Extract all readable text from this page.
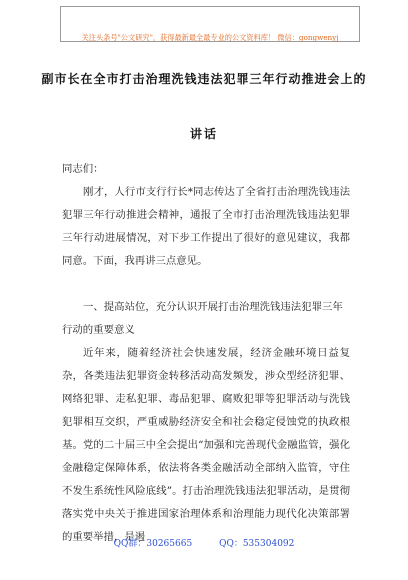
关注头条号"公文研究"，获得最新最全最专业的公文资料库！ 微信：gongwenyj
副市长在全市打击治理洗钱违法犯罪三年行动推进会上的
讲话
同志们：
刚才，人行市支行行长*同志传达了全省打击治理洗钱违法犯罪三年行动推进会精神，通报了全市打击治理洗钱违法犯罪三年行动进展情况，对下步工作提出了很好的意见建议，我都同意。下面，我再讲三点意见。
一、提高站位，充分认识开展打击治理洗钱违法犯罪三年行动的重要意义
近年来，随着经济社会快速发展，经济金融环境日益复杂，各类违法犯罪资金转移活动高发频发，涉众型经济犯罪、网络犯罪、走私犯罪、毒品犯罪、腐败犯罪等犯罪活动与洗钱犯罪相互交织，严重威胁经济安全和社会稳定侵蚀党的执政根基。党的二十届三中全会提出“加强和完善现代金融监管，强化金融稳定保障体系，依法将各类金融活动全部纳入监管，守住不发生系统性风险底线”。打击治理洗钱违法犯罪活动，是贯彻落实党中央关于推进国家治理体系和治理能力现代化决策部署的重要举措，是遏
QQ群：30265665	QQ：535304092
